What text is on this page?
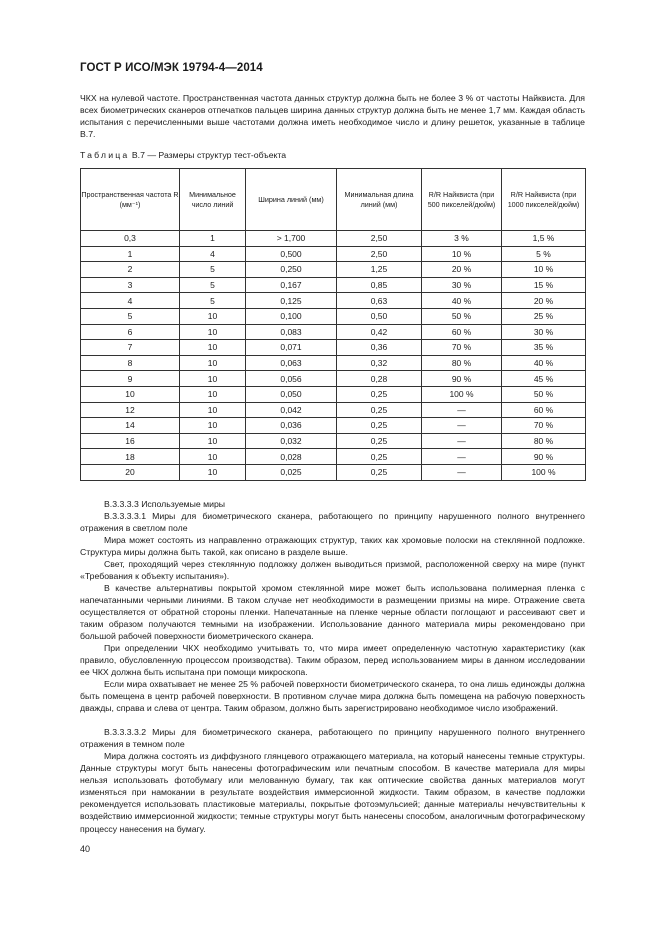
ГОСТ Р ИСО/МЭК 19794-4—2014

ЧКХ на нулевой частоте. Пространственная частота данных структур должна быть не более 3 % от частоты Найквиста. Для всех биометрических сканеров отпечатков пальцев ширина данных структур должна быть не менее 1,7 мм. Каждая область испытания с перечисленными выше частотами должна иметь необходимое число и длину решеток, указанные в таблице B.7.

Таблица B.7 — Размеры структур тест-объекта
Пространственная частота R (мм⁻¹)	Минимальное число линий	Ширина линий (мм)	Минимальная длина линий (мм)	R/R Найквиста (при 500 пикселей/дюйм)	R/R Найквиста (при 1000 пикселей/дюйм)
0,3	1	> 1,700	2,50	3 %	1,5 %
1	4	0,500	2,50	10 %	5 %
2	5	0,250	1,25	20 %	10 %
3	5	0,167	0,85	30 %	15 %
4	5	0,125	0,63	40 %	20 %
5	10	0,100	0,50	50 %	25 %
6	10	0,083	0,42	60 %	30 %
7	10	0,071	0,36	70 %	35 %
8	10	0,063	0,32	80 %	40 %
9	10	0,056	0,28	90 %	45 %
10	10	0,050	0,25	100 %	50 %
12	10	0,042	0,25	—	60 %
14	10	0,036	0,25	—	70 %
16	10	0,032	0,25	—	80 %
18	10	0,028	0,25	—	90 %
20	10	0,025	0,25	—	100 %

B.3.3.3.3 Используемые миры

B.3.3.3.3.1 Миры для биометрического сканера, работающего по принципу нарушенного полного внутреннего отражения в светлом поле

Мира может состоять из направленно отражающих структур, таких как хромовые полоски на стеклянной подложке. Структура миры должна быть такой, как описано в разделе выше.

Свет, проходящий через стеклянную подложку должен выводиться призмой, расположенной сверху на мире (пункт «Требования к объекту испытания»).

В качестве альтернативы покрытой хромом стеклянной мире может быть использована полимерная пленка с напечатанными черными линиями. В таком случае нет необходимости в размещении призмы на мире. Отражение света осуществляется от обратной стороны пленки. Напечатанные на пленке черные области поглощают и рассеивают свет и таким образом получаются темными на изображении. Использование данного материала миры рекомендовано при большой рабочей поверхности биометрического сканера.

При определении ЧКХ необходимо учитывать то, что мира имеет определенную частотную характеристику (как правило, обусловленную процессом производства). Таким образом, перед использованием миры в данном исследовании ее ЧКХ должна быть испытана при помощи микроскопа.

Если мира охватывает не менее 25 % рабочей поверхности биометрического сканера, то она лишь единожды должна быть помещена в центр рабочей поверхности. В противном случае мира должна быть помещена на рабочую поверхность дважды, справа и слева от центра. Таким образом, должно быть зарегистрировано необходимое число изображений.

B.3.3.3.3.2 Миры для биометрического сканера, работающего по принципу нарушенного полного внутреннего отражения в темном поле

Мира должна состоять из диффузного глянцевого отражающего материала, на который нанесены темные структуры. Данные структуры могут быть нанесены фотографическим или печатным способом. В качестве материала для миры нельзя использовать фотобумагу или мелованную бумагу, так как оптические свойства данных материалов могут изменяться при намокании в результате воздействия иммерсионной жидкости. Таким образом, в качестве подложки рекомендуется использовать пластиковые материалы, покрытые фотоэмульсией; данные материалы нечувствительны к воздействию иммерсионной жидкости; темные структуры могут быть нанесены способом, аналогичным фотографическому процессу нанесения на бумагу.

40
